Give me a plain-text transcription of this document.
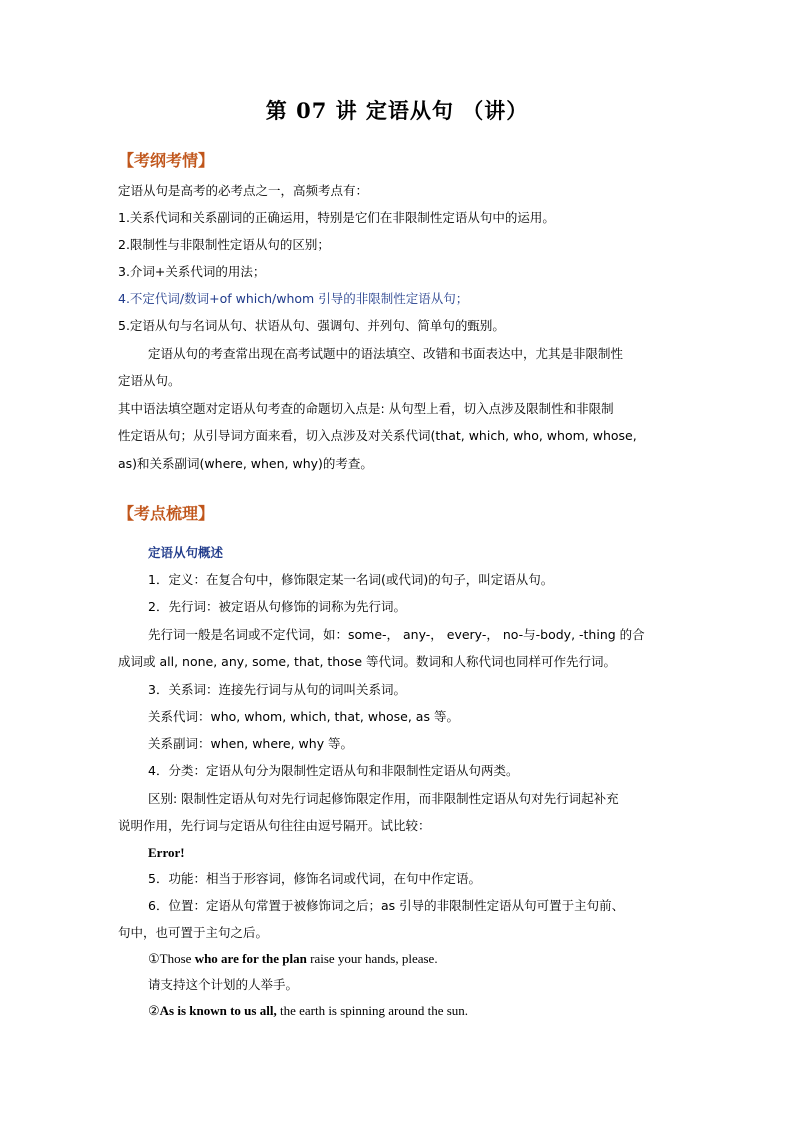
第 07 讲 定语从句 （讲）
【考纲考情】
定语从句是高考的必考点之一，高频考点有：
1.关系代词和关系副词的正确运用，特别是它们在非限制性定语从句中的运用。
2.限制性与非限制性定语从句的区别；
3.介词+关系代词的用法；
4.不定代词/数词+of which/whom 引导的非限制性定语从句；
5.定语从句与名词从句、状语从句、强调句、并列句、简单句的甄别。
定语从句的考查常出现在高考试题中的语法填空、改错和书面表达中，尤其是非限制性
定语从句。
其中语法填空题对定语从句考查的命题切入点是: 从句型上看，切入点涉及限制性和非限制
性定语从句；从引导词方面来看，切入点涉及对关系代词(that, which, who, whom, whose,
as)和关系副词(where, when, why)的考查。
【考点梳理】
定语从句概述
1．定义：在复合句中，修饰限定某一名词(或代词)的句子，叫定语从句。
2．先行词：被定语从句修饰的词称为先行词。
先行词一般是名词或不定代词，如：some-， any-， every-， no-与-body, -thing 的合
成词或 all, none, any, some, that, those 等代词。数词和人称代词也同样可作先行词。
3．关系词：连接先行词与从句的词叫关系词。
关系代词：who, whom, which, that, whose, as 等。
关系副词：when, where, why 等。
4．分类：定语从句分为限制性定语从句和非限制性定语从句两类。
区别: 限制性定语从句对先行词起修饰限定作用，而非限制性定语从句对先行词起补充
说明作用，先行词与定语从句往往由逗号隔开。试比较：
Error!
5．功能：相当于形容词，修饰名词或代词，在句中作定语。
6．位置：定语从句常置于被修饰词之后；as 引导的非限制性定语从句可置于主句前、
句中，也可置于主句之后。
①Those who are for the plan raise your hands, please.
请支持这个计划的人举手。
②As is known to us all, the earth is spinning around the sun.
